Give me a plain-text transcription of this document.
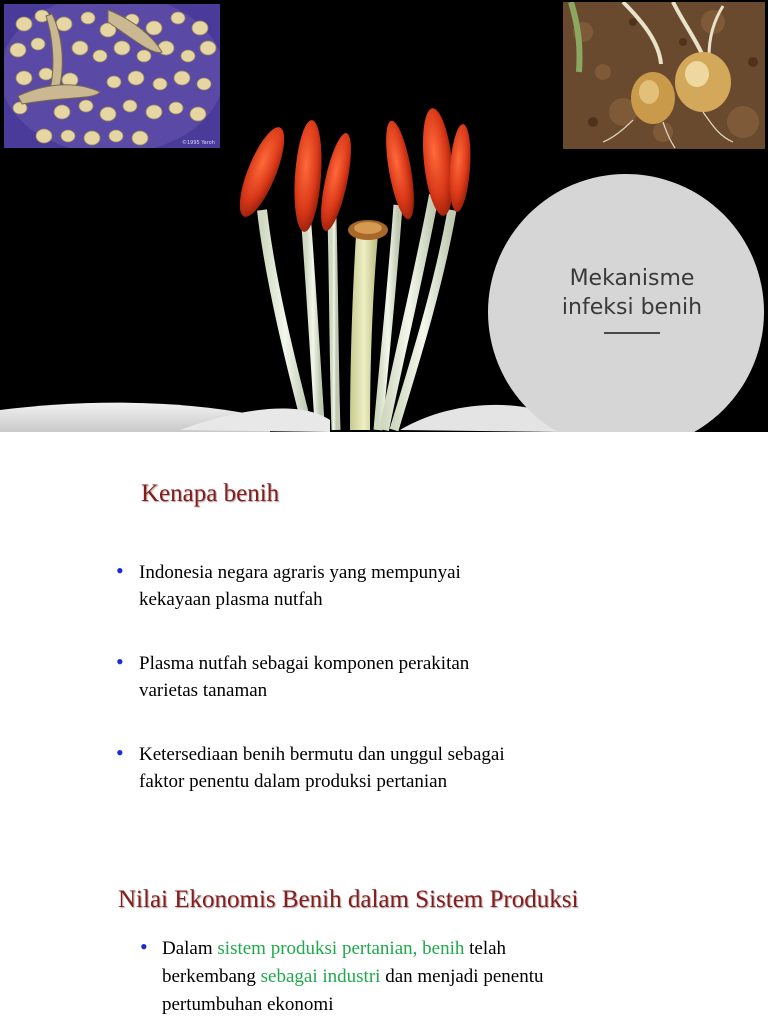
©1995 Yaroh
Mekanisme
infeksi benih
Kenapa benih
• Indonesia negara agraris yang mempunyai
kekayaan plasma nutfah
• Plasma nutfah sebagai komponen perakitan
varietas tanaman
• Ketersediaan benih bermutu dan unggul sebagai
faktor penentu dalam produksi pertanian
Nilai Ekonomis Benih dalam Sistem Produksi
• Dalam sistem produksi pertanian, benih telah
berkembang sebagai industri dan menjadi penentu
pertumbuhan ekonomi
